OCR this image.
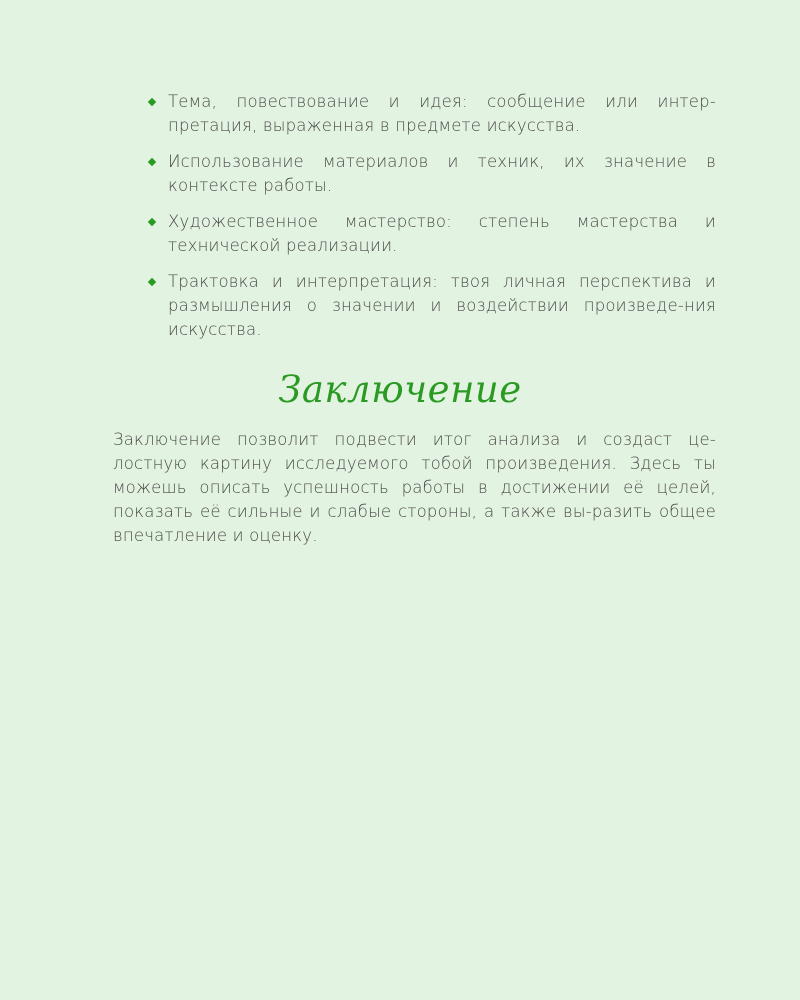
Тема, повествование и идея: сообщение или интер-претация, выраженная в предмете искусства.
Использование материалов и техник, их значение в контексте работы.
Художественное мастерство: степень мастерства и технической реализации.
Трактовка и интерпретация: твоя личная перспектива и размышления о значении и воздействии произведе-ния искусства.
Заключение

Заключение позволит подвести итог анализа и создаст це-лостную картину исследуемого тобой произведения. Здесь ты можешь описать успешность работы в достижении её целей, показать её сильные и слабые стороны, а также вы-разить общее впечатление и оценку.
